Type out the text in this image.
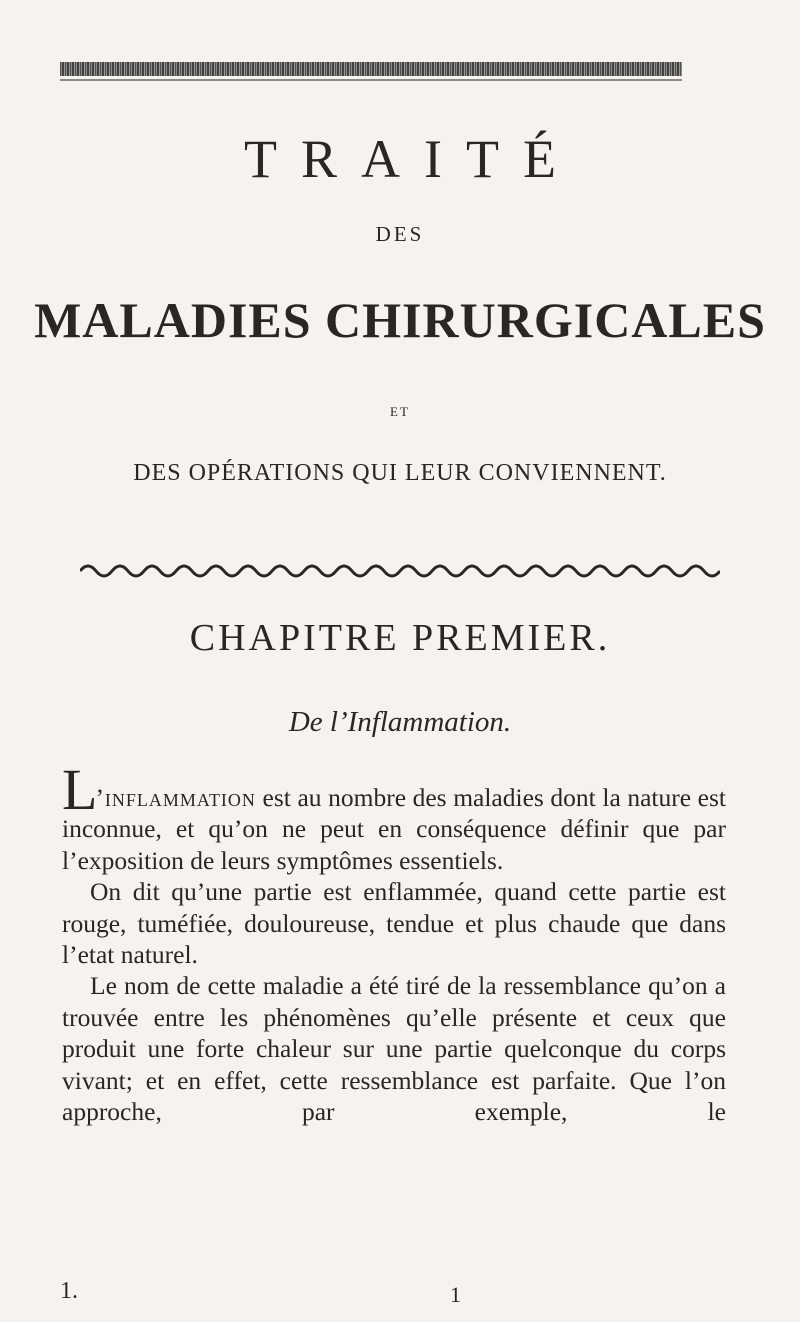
TRAITÉ
DES
MALADIES CHIRURGICALES
ET
DES OPÉRATIONS QUI LEUR CONVIENNENT.
CHAPITRE PREMIER.
De l’Inflammation.

L’inflammation est au nombre des maladies dont la nature est inconnue, et qu’on ne peut en conséquence définir que par l’exposition de leurs symptômes essentiels.

On dit qu’une partie est enflammée, quand cette partie est rouge, tuméfiée, douloureuse, tendue et plus chaude que dans l’etat naturel.

Le nom de cette maladie a été tiré de la ressemblance qu’on a trouvée entre les phénomènes qu’elle présente et ceux que produit une forte chaleur sur une partie quelconque du corps vivant; et en effet, cette ressemblance est parfaite. Que l’on approche, par exemple, le

1.	1
